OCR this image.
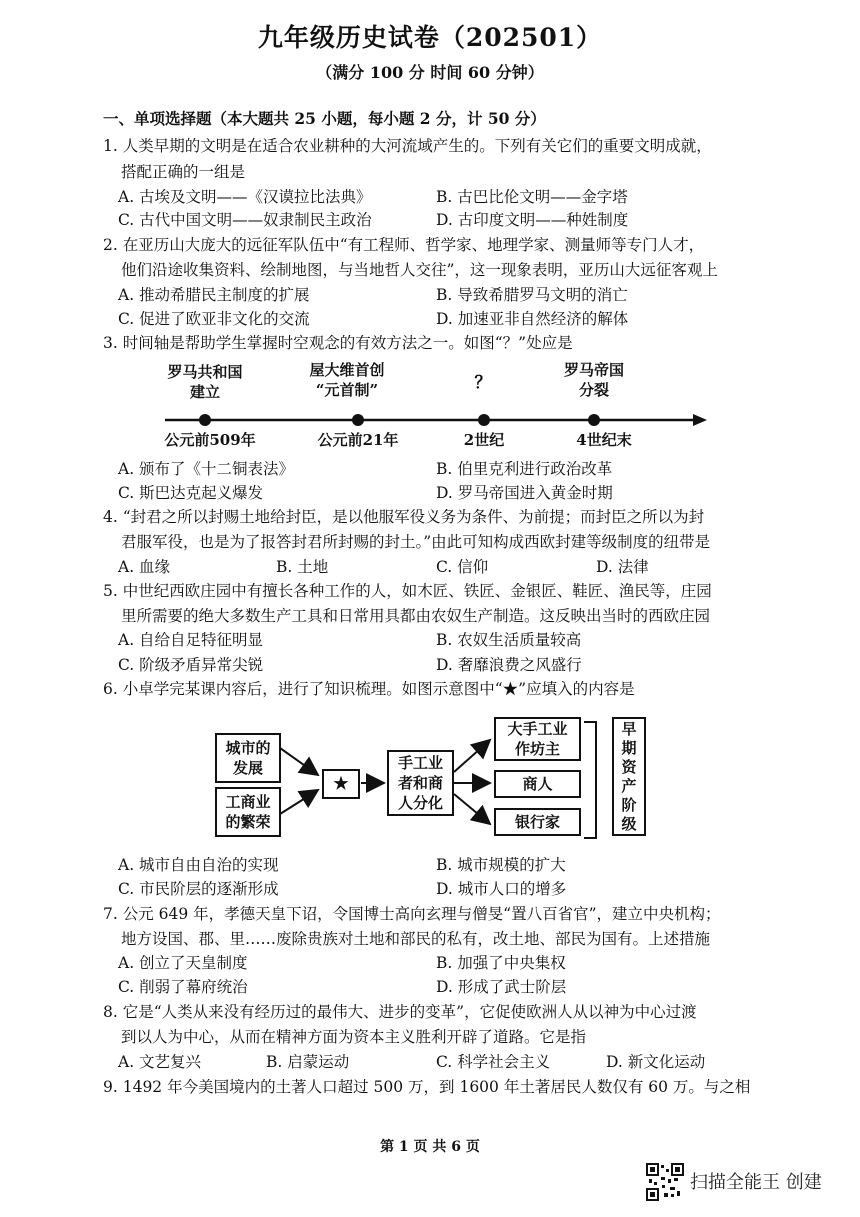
九年级历史试卷（202501）
（满分 100 分 时间 60 分钟）
一、单项选择题（本大题共 25 小题，每小题 2 分，计 50 分）
1. 人类早期的文明是在适合农业耕种的大河流域产生的。下列有关它们的重要文明成就，
搭配正确的一组是
A. 古埃及文明——《汉谟拉比法典》	B. 古巴比伦文明——金字塔
C. 古代中国文明——奴隶制民主政治	D. 古印度文明——种姓制度
2. 在亚历山大庞大的远征军队伍中“有工程师、哲学家、地理学家、测量师等专门人才，
他们沿途收集资料、绘制地图，与当地哲人交往”，这一现象表明，亚历山大远征客观上
A. 推动希腊民主制度的扩展	B. 导致希腊罗马文明的消亡
C. 促进了欧亚非文化的交流	D. 加速亚非自然经济的解体
3. 时间轴是帮助学生掌握时空观念的有效方法之一。如图“？”处应是
罗马共和国
建立
屋大维首创
“元首制”	？
罗马帝国
分裂
公元前509年	公元前21年	2世纪	4世纪末
A. 颁布了《十二铜表法》	B. 伯里克利进行政治改革
C. 斯巴达克起义爆发	D. 罗马帝国进入黄金时期
4. “封君之所以封赐土地给封臣，是以他服军役义务为条件、为前提；而封臣之所以为封
君服军役，也是为了报答封君所封赐的封土。”由此可知构成西欧封建等级制度的纽带是
A. 血缘	B. 土地	C. 信仰	D. 法律
5. 中世纪西欧庄园中有擅长各种工作的人，如木匠、铁匠、金银匠、鞋匠、渔民等，庄园
里所需要的绝大多数生产工具和日常用具都由农奴生产制造。这反映出当时的西欧庄园
A. 自给自足特征明显	B. 农奴生活质量较高
C. 阶级矛盾异常尖锐	D. 奢靡浪费之风盛行
6. 小卓学完某课内容后，进行了知识梳理。如图示意图中“★”应填入的内容是
城市的
发展
工商业
的繁荣
★
手工业
者和商
人分化
大手工业
作坊主
商人
银行家
早
期
资
产
阶
级
A. 城市自由自治的实现	B. 城市规模的扩大
C. 市民阶层的逐渐形成	D. 城市人口的增多
7. 公元 649 年，孝德天皇下诏，令国博士高向玄理与僧旻“置八百省官”，建立中央机构；
地方设国、郡、里……废除贵族对土地和部民的私有，改土地、部民为国有。上述措施
A. 创立了天皇制度	B. 加强了中央集权
C. 削弱了幕府统治	D. 形成了武士阶层
8. 它是“人类从来没有经历过的最伟大、进步的变革”，它促使欧洲人从以神为中心过渡
到以人为中心，从而在精神方面为资本主义胜利开辟了道路。它是指
A. 文艺复兴	B. 启蒙运动	C. 科学社会主义	D. 新文化运动
9. 1492 年今美国境内的土著人口超过 500 万，到 1600 年土著居民人数仅有 60 万。与之相
第 1 页 共 6 页
扫描全能王 创建
